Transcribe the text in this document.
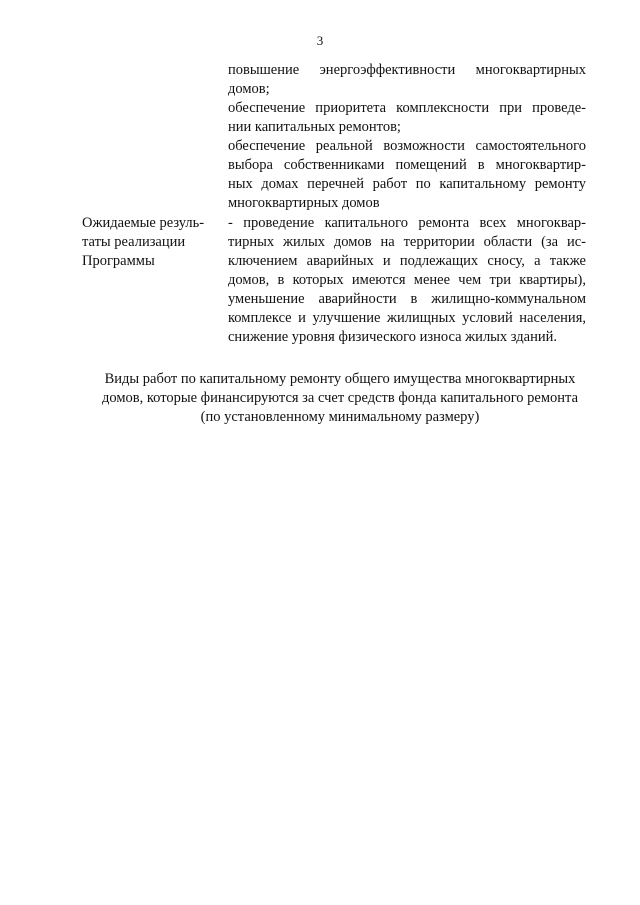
3
повышение энергоэффективности многоквартирных
домов;
обеспечение приоритета комплексности при проведе-
нии капитальных ремонтов;
обеспечение реальной возможности самостоятельного
выбора собственниками помещений в многоквартир-
ных домах перечней работ по капитальному ремонту
многоквартирных домов
Ожидаемые резуль-
таты реализации
Программы
- проведение капитального ремонта всех многоквар-
тирных жилых домов на территории области (за ис-
ключением аварийных и подлежащих сносу, а также
домов, в которых имеются менее чем три квартиры),
уменьшение аварийности в жилищно-коммунальном
комплексе и улучшение жилищных условий населения,
снижение уровня физического износа жилых зданий.
Виды работ по капитальному ремонту общего имущества многоквартирных
домов, которые финансируются за счет средств фонда капитального ремонта
(по установленному минимальному размеру)
